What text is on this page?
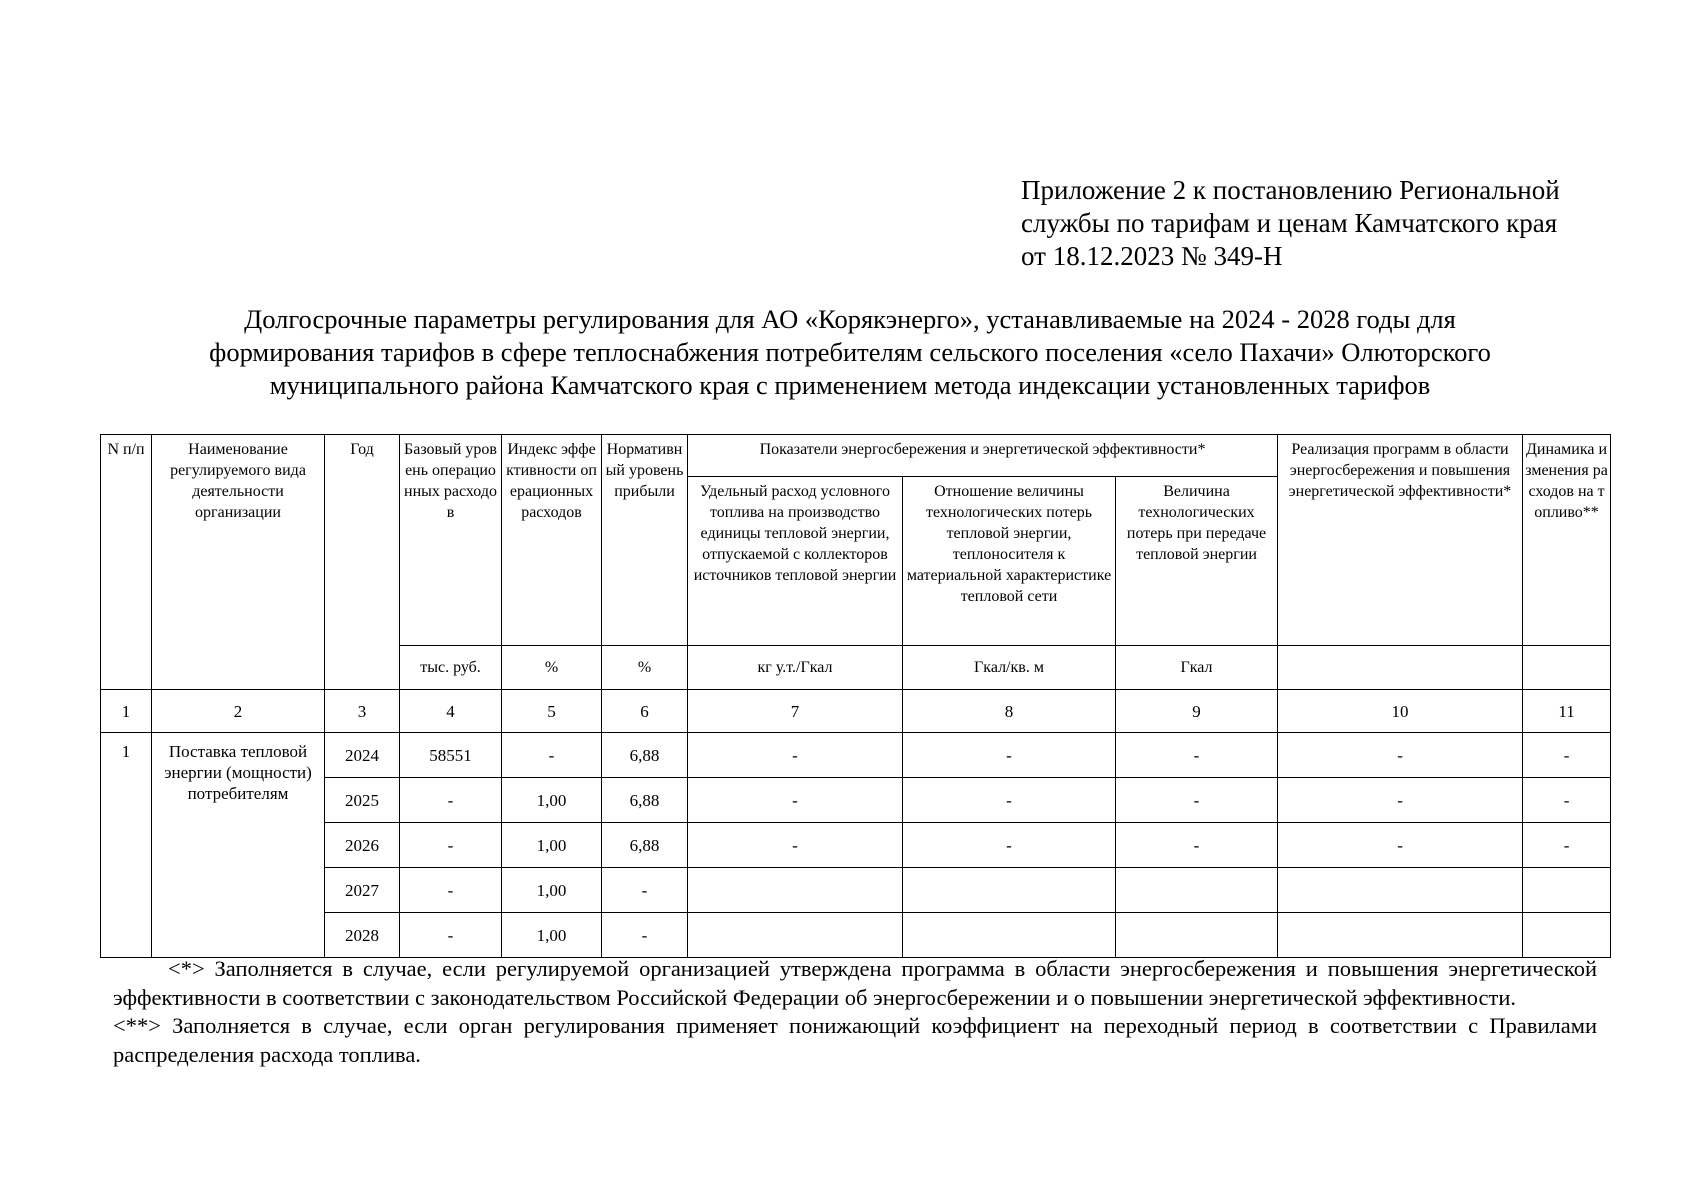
Приложение 2 к постановлению Региональной
службы по тарифам и ценам Камчатского края
от 18.12.2023 № 349-Н
Долгосрочные параметры регулирования для АО «Корякэнерго», устанавливаемые на 2024 - 2028 годы для
формирования тарифов в сфере теплоснабжения потребителям сельского поселения «село Пахачи» Олюторского
муниципального района Камчатского края с применением метода индексации установленных тарифов
N п/п	Наименование регулируемого вида деятельности организации	Год	Базовый уровень операционных расходов	Индекс эффективности операционных расходов	Нормативный уровень прибыли	Показатели энергосбережения и энергетической эффективности*			Реализация программ в области энергосбережения и повышения энергетической эффективности*	Динамика изменения расходов на топливо**
						Удельный расход условного топлива на производство единицы тепловой энергии, отпускаемой с коллекторов источников тепловой энергии	Отношение величины технологических потерь тепловой энергии, теплоносителя к материальной характеристике тепловой сети	Величина технологических потерь при передаче тепловой энергии		
			тыс. руб.	%	%	кг у.т./Гкал	Гкал/кв. м	Гкал		
1	2	3	4	5	6	7	8	9	10	11
1	Поставка тепловой энергии (мощности) потребителям	2024	58551	-	6,88	-	-	-	-	-
		2025	-	1,00	6,88	-	-	-	-	-
		2026	-	1,00	6,88	-	-	-	-	-
		2027	-	1,00	-					
		2028	-	1,00	-					

<*> Заполняется в случае, если регулируемой организацией утверждена программа в области энергосбережения и повышения энергетической эффективности в соответствии с законодательством Российской Федерации об энергосбережении и о повышении энергетической эффективности.

<**> Заполняется в случае, если орган регулирования применяет понижающий коэффициент на переходный период в соответствии с Правилами распределения расхода топлива.
